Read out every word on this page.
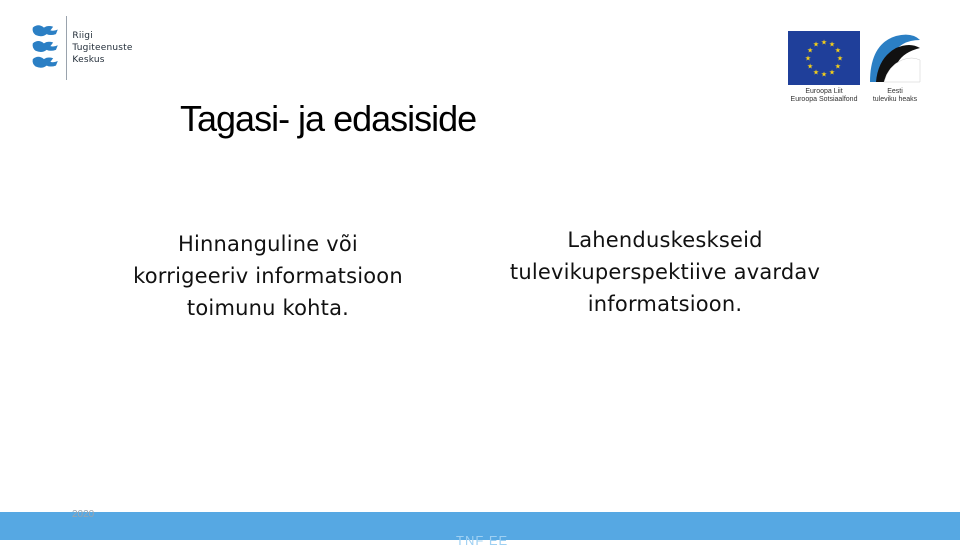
Riigi Tugiteenuste
Keskus	★
★
★
★
★
★
★
★
★ ★ ★
★
Euroopa Liit
Euroopa Sotsiaalfond
Eesti
tuleviku heaks
Tagasi- ja edasiside
Hinnanguline või
korrigeeriv informatsioon
toimunu kohta.
Lahenduskeskseid
tulevikuperspektiive avardav
informatsioon.
2020
TNF EE
